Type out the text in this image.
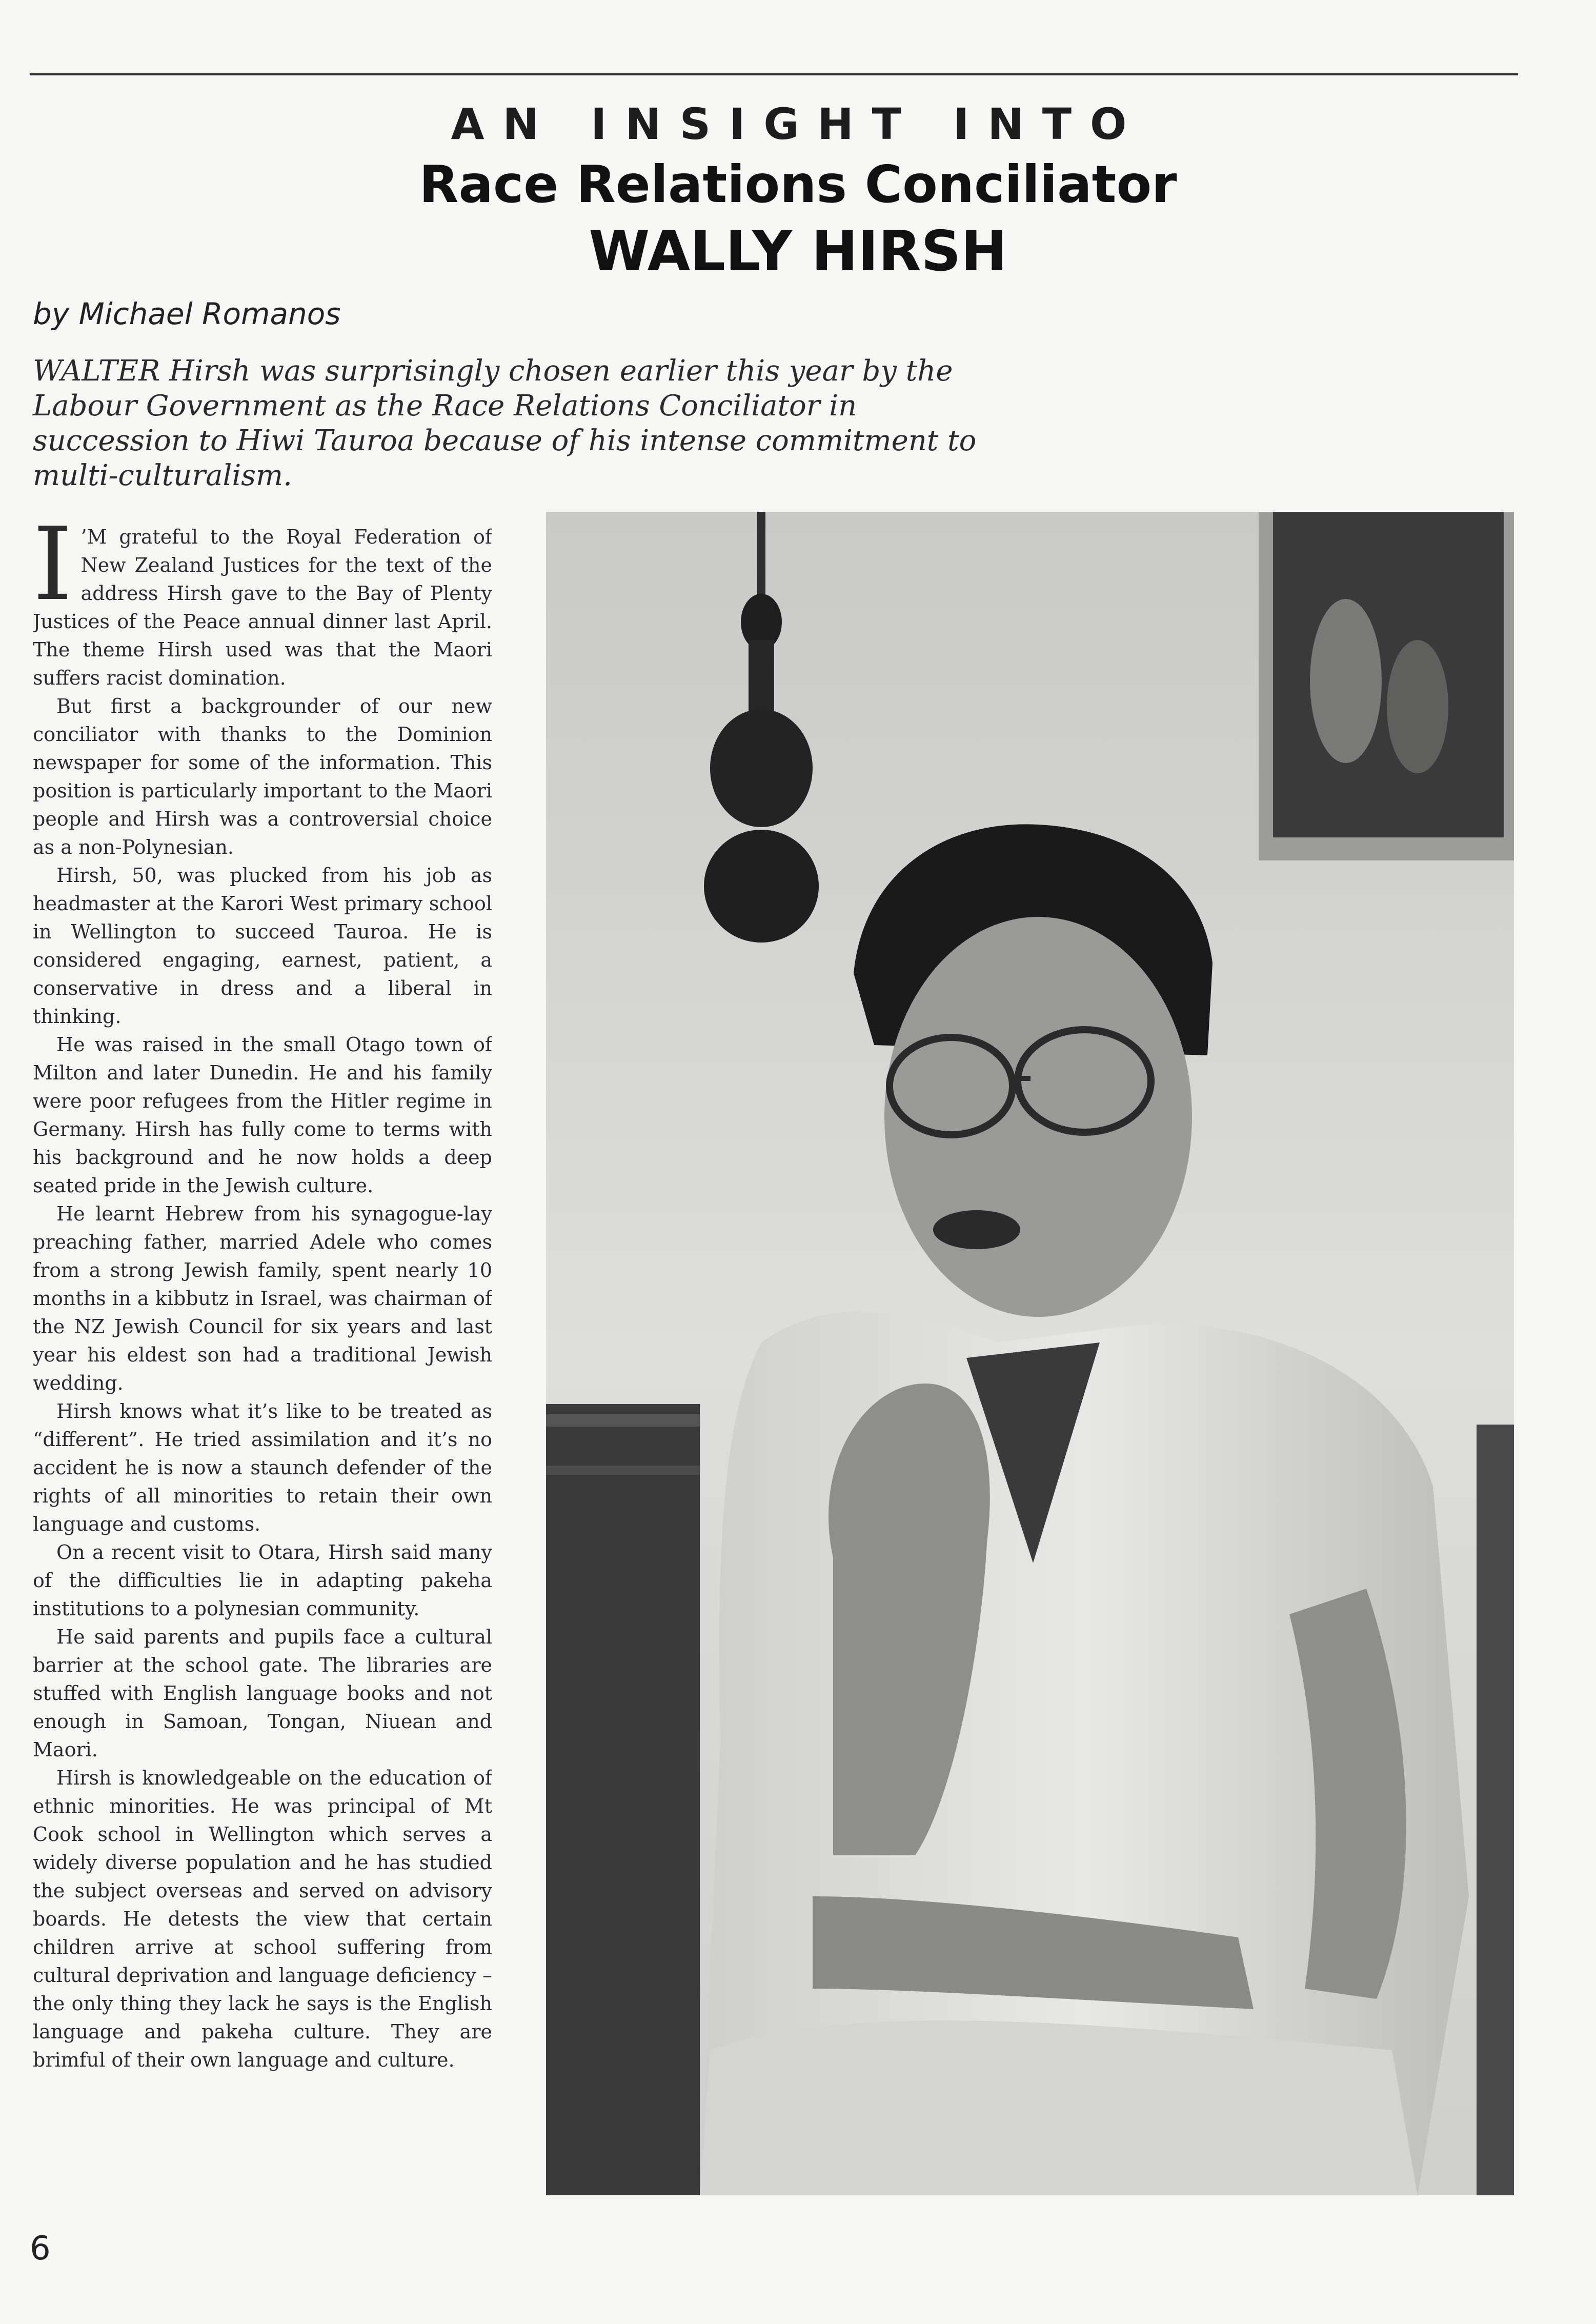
AN INSIGHT INTO
Race Relations Conciliator
WALLY HIRSH
by Michael Romanos
WALTER Hirsh was surprisingly chosen earlier this year by the Labour Government as the Race Relations Conciliator in succession to Hiwi Tauroa because of his intense commitment to multi-culturalism.

I ’M grateful to the Royal Federation of New Zealand Justices for the text of the address Hirsh gave to the Bay of Plenty Justices of the Peace annual dinner last April. The theme Hirsh used was that the Maori suffers racist domination.

But first a backgrounder of our new conciliator with thanks to the Dominion newspaper for some of the information. This position is particularly important to the Maori people and Hirsh was a controversial choice as a non-Polynesian.

Hirsh, 50, was plucked from his job as headmaster at the Karori West primary school in Wellington to succeed Tauroa. He is considered engaging, earnest, patient, a conservative in dress and a liberal in thinking.

He was raised in the small Otago town of Milton and later Dunedin. He and his family were poor refugees from the Hitler regime in Germany. Hirsh has fully come to terms with his background and he now holds a deep seated pride in the Jewish culture.

He learnt Hebrew from his synagogue-lay preaching father, married Adele who comes from a strong Jewish family, spent nearly 10 months in a kibbutz in Israel, was chairman of the NZ Jewish Council for six years and last year his eldest son had a traditional Jewish wedding.

Hirsh knows what it’s like to be treated as “different”. He tried assimilation and it’s no accident he is now a staunch defender of the rights of all minorities to retain their own language and customs.

On a recent visit to Otara, Hirsh said many of the difficulties lie in adapting pakeha institutions to a polynesian community.

He said parents and pupils face a cultural barrier at the school gate. The libraries are stuffed with English language books and not enough in Samoan, Tongan, Niuean and Maori.

Hirsh is knowledgeable on the education of ethnic minorities. He was principal of Mt Cook school in Wellington which serves a widely diverse population and he has studied the subject overseas and served on advisory boards. He detests the view that certain children arrive at school suffering from cultural deprivation and language deficiency – the only thing they lack he says is the English language and pakeha culture. They are brimful of their own language and culture.

6
